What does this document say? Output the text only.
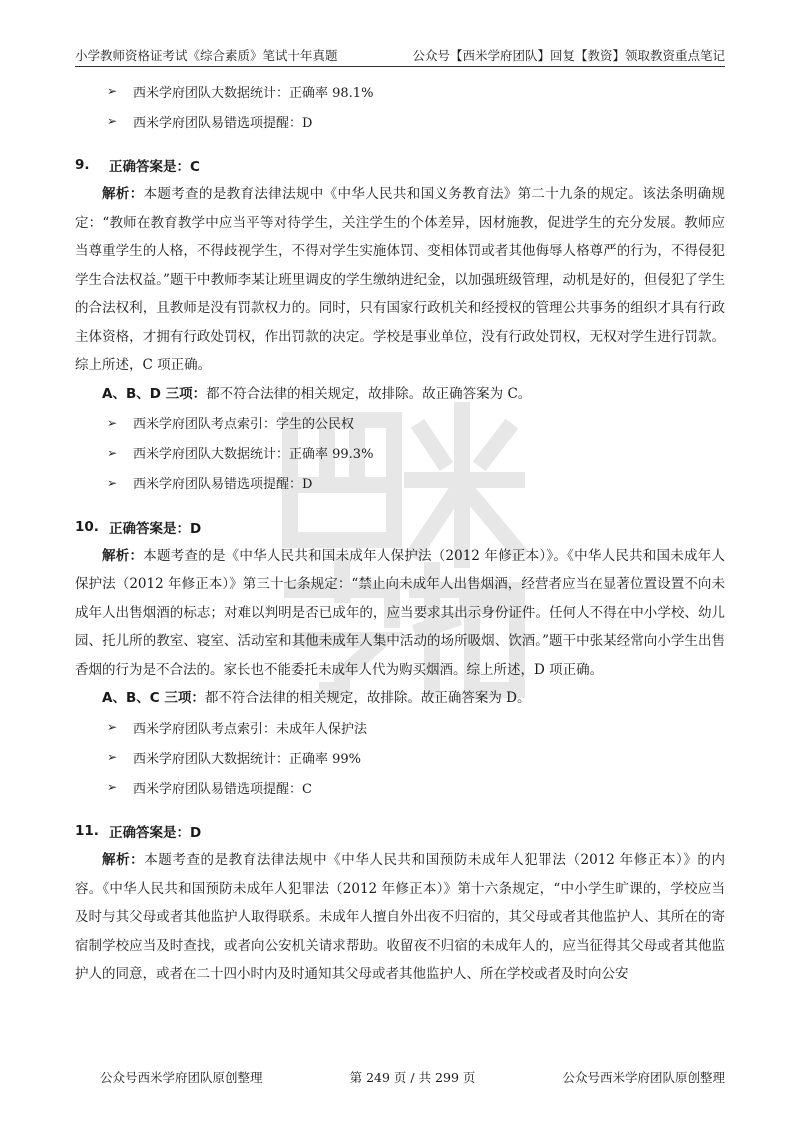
小学教师资格证考试《综合素质》笔试十年真题	公众号【西米学府团队】回复【教资】领取教资重点笔记
➢	西米学府团队大数据统计：正确率 98.1%
➢	西米学府团队易错选项提醒：D
9.	正确答案是：C

解析：本题考查的是教育法律法规中《中华人民共和国义务教育法》第二十九条的规定。该法条明确规定：“教师在教育教学中应当平等对待学生，关注学生的个体差异，因材施教，促进学生的充分发展。教师应当尊重学生的人格，不得歧视学生，不得对学生实施体罚、变相体罚或者其他侮辱人格尊严的行为，不得侵犯学生合法权益。”题干中教师李某让班里调皮的学生缴纳进纪金，以加强班级管理，动机是好的，但侵犯了学生的合法权利，且教师是没有罚款权力的。同时，只有国家行政机关和经授权的管理公共事务的组织才具有行政主体资格，才拥有行政处罚权，作出罚款的决定。学校是事业单位，没有行政处罚权，无权对学生进行罚款。综上所述，C 项正确。

A、B、D 三项：都不符合法律的相关规定，故排除。故正确答案为 C。
➢	西米学府团队考点索引：学生的公民权
➢	西米学府团队大数据统计：正确率 99.3%
➢	西米学府团队易错选项提醒：D
10. 正确答案是：D

解析：本题考查的是《中华人民共和国未成年人保护法（2012 年修正本）》。《中华人民共和国未成年人保护法（2012 年修正本）》第三十七条规定：“禁止向未成年人出售烟酒，经营者应当在显著位置设置不向未成年人出售烟酒的标志；对难以判明是否已成年的，应当要求其出示身份证件。任何人不得在中小学校、幼儿园、托儿所的教室、寝室、活动室和其他未成年人集中活动的场所吸烟、饮酒。”题干中张某经常向小学生出售香烟的行为是不合法的。家长也不能委托未成年人代为购买烟酒。综上所述，D 项正确。

A、B、C 三项：都不符合法律的相关规定，故排除。故正确答案为 D。
➢	西米学府团队考点索引：未成年人保护法
➢	西米学府团队大数据统计：正确率 99%
➢	西米学府团队易错选项提醒：C
11. 正确答案是：D

解析：本题考查的是教育法律法规中《中华人民共和国预防未成年人犯罪法（2012 年修正本）》的内容。《中华人民共和国预防未成年人犯罪法（2012 年修正本）》第十六条规定，“中小学生旷课的，学校应当及时与其父母或者其他监护人取得联系。未成年人擅自外出夜不归宿的，其父母或者其他监护人、其所在的寄宿制学校应当及时查找，或者向公安机关请求帮助。收留夜不归宿的未成年人的，应当征得其父母或者其他监护人的同意，或者在二十四小时内及时通知其父母或者其他监护人、所在学校或者及时向公安

公众号西米学府团队原创整理	第 249 页 / 共 299 页	公众号西米学府团队原创整理
